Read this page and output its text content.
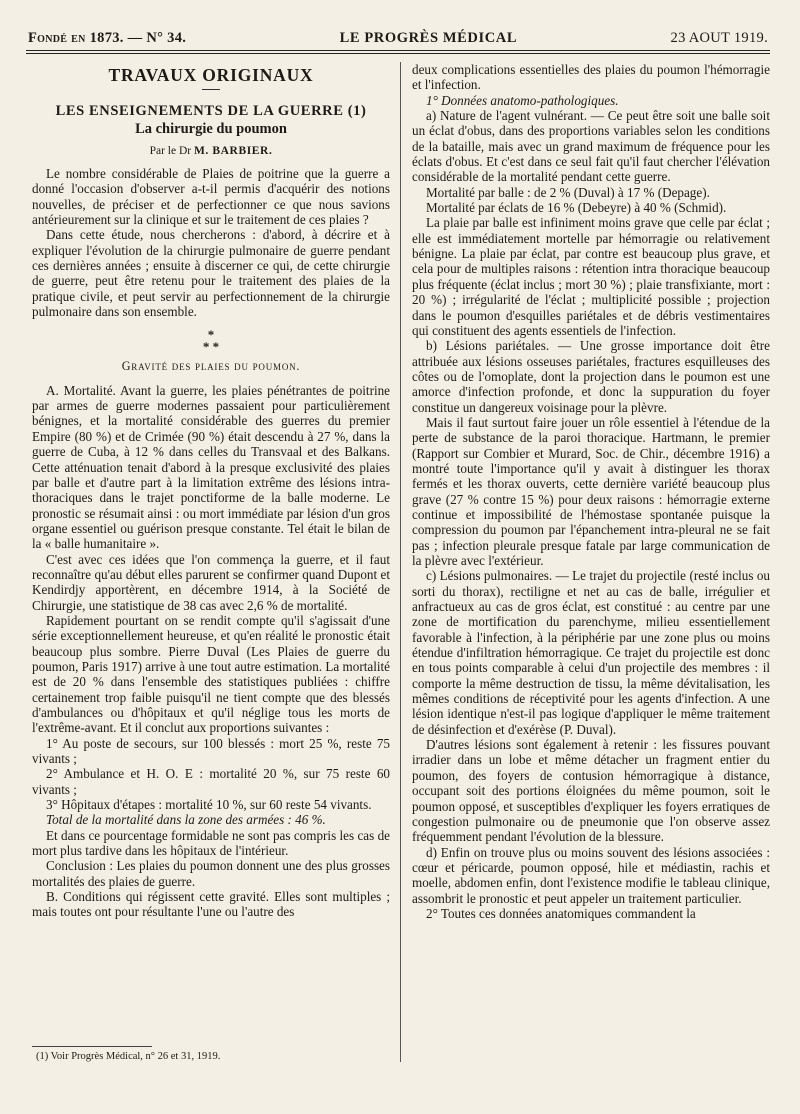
Fondé en 1873. — N° 34.	LE PROGRÈS MÉDICAL	23 AOUT 1919.
TRAVAUX ORIGINAUX
LES ENSEIGNEMENTS DE LA GUERRE (1)
La chirurgie du poumon
Par le Dr M. BARBIER.

Le nombre considérable de Plaies de poitrine que la guerre a donné l'occasion d'observer a-t-il permis d'acquérir des notions nouvelles, de préciser et de perfectionner ce que nous savions antérieurement sur la clinique et sur le traitement de ces plaies ?

Dans cette étude, nous chercherons : d'abord, à décrire et à expliquer l'évolution de la chirurgie pulmonaire de guerre pendant ces dernières années ; ensuite à discerner ce qui, de cette chirurgie de guerre, peut être retenu pour le traitement des plaies de la pratique civile, et peut servir au perfectionnement de la chirurgie pulmonaire dans son ensemble.

*
* *
Gravité des plaies du poumon.

A. Mortalité. Avant la guerre, les plaies pénétrantes de poitrine par armes de guerre modernes passaient pour particulièrement bénignes, et la mortalité considérable des guerres du premier Empire (80 %) et de Crimée (90 %) était descendu à 27 %, dans la guerre de Cuba, à 12 % dans celles du Transvaal et des Balkans. Cette atténuation tenait d'abord à la presque exclusivité des plaies par balle et d'autre part à la limitation extrême des lésions intra-thoraciques dans le trajet ponctiforme de la balle moderne. Le pronostic se résumait ainsi : ou mort immédiate par lésion d'un gros organe essentiel ou guérison presque constante. Tel était le bilan de la « balle humanitaire ».

C'est avec ces idées que l'on commença la guerre, et il faut reconnaître qu'au début elles parurent se confirmer quand Dupont et Kendirdjy apportèrent, en décembre 1914, à la Société de Chirurgie, une statistique de 38 cas avec 2,6 % de mortalité.

Rapidement pourtant on se rendit compte qu'il s'agissait d'une série exceptionnellement heureuse, et qu'en réalité le pronostic était beaucoup plus sombre. Pierre Duval (Les Plaies de guerre du poumon, Paris 1917) arrive à une tout autre estimation. La mortalité est de 20 % dans l'ensemble des statistiques publiées : chiffre certainement trop faible puisqu'il ne tient compte que des blessés d'ambulances ou d'hôpitaux et qu'il néglige tous les morts de l'extrême-avant. Et il conclut aux proportions suivantes :

1° Au poste de secours, sur 100 blessés : mort 25 %, reste 75 vivants ;

2° Ambulance et H. O. E : mortalité 20 %, sur 75 reste 60 vivants ;

3° Hôpitaux d'étapes : mortalité 10 %, sur 60 reste 54 vivants.

Total de la mortalité dans la zone des armées : 46 %.

Et dans ce pourcentage formidable ne sont pas compris les cas de mort plus tardive dans les hôpitaux de l'intérieur.

Conclusion : Les plaies du poumon donnent une des plus grosses mortalités des plaies de guerre.

B. Conditions qui régissent cette gravité. Elles sont multiples ; mais toutes ont pour résultante l'une ou l'autre des

deux complications essentielles des plaies du poumon l'hémorragie et l'infection.

1° Données anatomo-pathologiques.

a) Nature de l'agent vulnérant. — Ce peut être soit une balle soit un éclat d'obus, dans des proportions variables selon les conditions de la bataille, mais avec un grand maximum de fréquence pour les éclats d'obus. Et c'est dans ce seul fait qu'il faut chercher l'élévation considérable de la mortalité pendant cette guerre.

Mortalité par balle : de 2 % (Duval) à 17 % (Depage).

Mortalité par éclats de 16 % (Debeyre) à 40 % (Schmid).

La plaie par balle est infiniment moins grave que celle par éclat ; elle est immédiatement mortelle par hémorragie ou relativement bénigne. La plaie par éclat, par contre est beaucoup plus grave, et cela pour de multiples raisons : rétention intra thoracique beaucoup plus fréquente (éclat inclus ; mort 30 %) ; plaie transfixiante, mort : 20 %) ; irrégularité de l'éclat ; multiplicité possible ; projection dans le poumon d'esquilles pariétales et de débris vestimentaires qui constituent des agents essentiels de l'infection.

b) Lésions pariétales. — Une grosse importance doit être attribuée aux lésions osseuses pariétales, fractures esquilleuses des côtes ou de l'omoplate, dont la projection dans le poumon est une amorce d'infection profonde, et donc la suppuration du foyer constitue un dangereux voisinage pour la plèvre.

Mais il faut surtout faire jouer un rôle essentiel à l'étendue de la perte de substance de la paroi thoracique. Hartmann, le premier (Rapport sur Combier et Murard, Soc. de Chir., décembre 1916) a montré toute l'importance qu'il y avait à distinguer les thorax fermés et les thorax ouverts, cette dernière variété beaucoup plus grave (27 % contre 15 %) pour deux raisons : hémorragie externe continue et impossibilité de l'hémostase spontanée puisque la compression du poumon par l'épanchement intra-pleural ne se fait pas ; infection pleurale presque fatale par large communication de la plèvre avec l'extérieur.

c) Lésions pulmonaires. — Le trajet du projectile (resté inclus ou sorti du thorax), rectiligne et net au cas de balle, irrégulier et anfractueux au cas de gros éclat, est constitué : au centre par une zone de mortification du parenchyme, milieu essentiellement favorable à l'infection, à la périphérie par une zone plus ou moins étendue d'infiltration hémorragique. Ce trajet du projectile est donc en tous points comparable à celui d'un projectile des membres : il comporte la même destruction de tissu, la même dévitalisation, les mêmes conditions de réceptivité pour les agents d'infection. A une lésion identique n'est-il pas logique d'appliquer le même traitement de désinfection et d'exérèse (P. Duval).

D'autres lésions sont également à retenir : les fissures pouvant irradier dans un lobe et même détacher un fragment entier du poumon, des foyers de contusion hémorragique à distance, occupant soit des portions éloignées du même poumon, soit le poumon opposé, et susceptibles d'expliquer les foyers erratiques de congestion pulmonaire ou de pneumonie que l'on observe assez fréquemment pendant l'évolution de la blessure.

d) Enfin on trouve plus ou moins souvent des lésions associées : cœur et péricarde, poumon opposé, hile et médiastin, rachis et moelle, abdomen enfin, dont l'existence modifie le tableau clinique, assombrit le pronostic et peut appeler un traitement particulier.

2° Toutes ces données anatomiques commandent la

(1) Voir Progrès Médical, n° 26 et 31, 1919.
